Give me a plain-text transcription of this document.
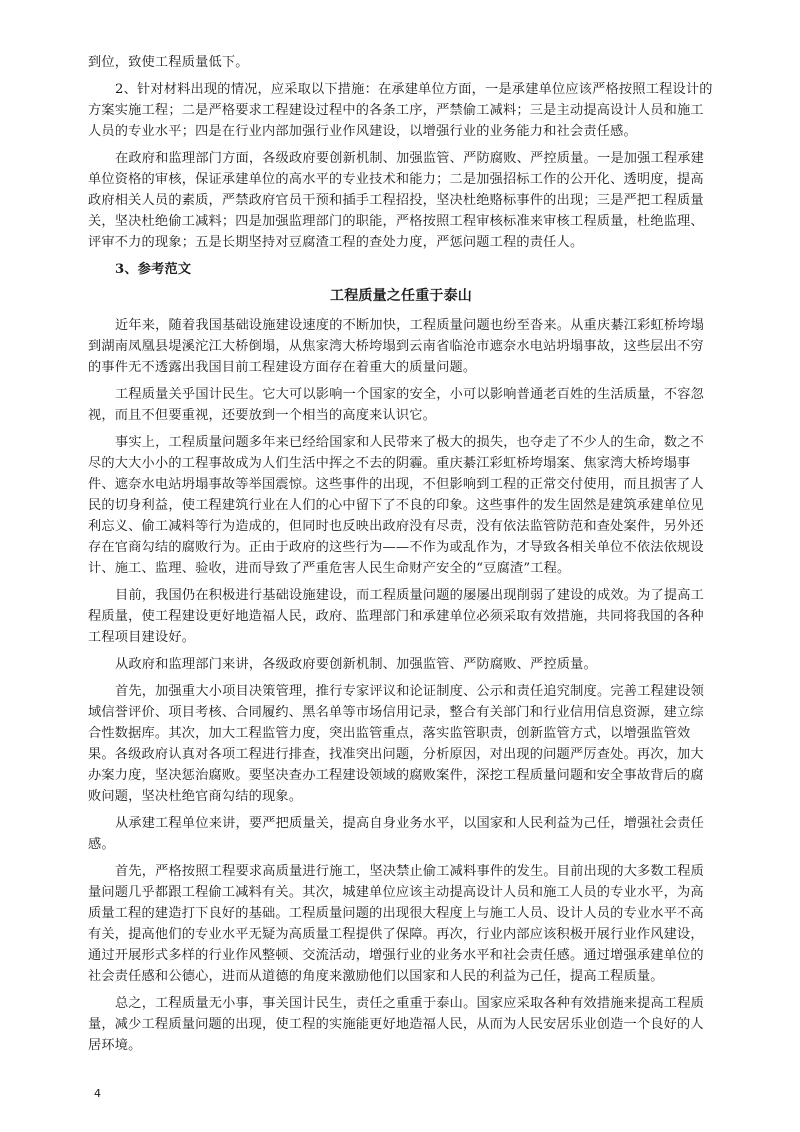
到位，致使工程质量低下。

2、针对材料出现的情况，应采取以下措施：在承建单位方面，一是承建单位应该严格按照工程设计的方案实施工程；二是严格要求工程建设过程中的各条工序，严禁偷工减料；三是主动提高设计人员和施工人员的专业水平；四是在行业内部加强行业作风建设，以增强行业的业务能力和社会责任感。

在政府和监理部门方面，各级政府要创新机制、加强监管、严防腐败、严控质量。一是加强工程承建单位资格的审核，保证承建单位的高水平的专业技术和能力；二是加强招标工作的公开化、透明度，提高政府相关人员的素质，严禁政府官员干预和插手工程招投，坚决杜绝赂标事件的出现；三是严把工程质量关，坚决杜绝偷工减料；四是加强监理部门的职能，严格按照工程审核标准来审核工程质量，杜绝监理、评审不力的现象；五是长期坚持对豆腐渣工程的查处力度，严惩问题工程的责任人。

3、参考范文

工程质量之任重于泰山

近年来，随着我国基础设施建设速度的不断加快，工程质量问题也纷至沓来。从重庆綦江彩虹桥垮塌到湖南凤凰县堤溪沱江大桥倒塌，从焦家湾大桥垮塌到云南省临沧市遮奈水电站坍塌事故，这些层出不穷的事件无不透露出我国目前工程建设方面存在着重大的质量问题。

工程质量关乎国计民生。它大可以影响一个国家的安全，小可以影响普通老百姓的生活质量，不容忽视，而且不但要重视，还要放到一个相当的高度来认识它。

事实上，工程质量问题多年来已经给国家和人民带来了极大的损失，也夺走了不少人的生命，数之不尽的大大小小的工程事故成为人们生活中挥之不去的阴霾。重庆綦江彩虹桥垮塌案、焦家湾大桥垮塌事件、遮奈水电站坍塌事故等举国震惊。这些事件的出现，不但影响到工程的正常交付使用，而且损害了人民的切身利益，使工程建筑行业在人们的心中留下了不良的印象。这些事件的发生固然是建筑承建单位见利忘义、偷工减料等行为造成的，但同时也反映出政府没有尽责，没有依法监管防范和查处案件，另外还存在官商勾结的腐败行为。正由于政府的这些行为——不作为或乱作为，才导致各相关单位不依法依规设计、施工、监理、验收，进而导致了严重危害人民生命财产安全的“豆腐渣”工程。

目前，我国仍在积极进行基础设施建设，而工程质量问题的屡屡出现削弱了建设的成效。为了提高工程质量，使工程建设更好地造福人民，政府、监理部门和承建单位必须采取有效措施，共同将我国的各种工程项目建设好。

从政府和监理部门来讲，各级政府要创新机制、加强监管、严防腐败、严控质量。

首先，加强重大小项目决策管理，推行专家评议和论证制度、公示和责任追究制度。完善工程建设领域信誉评价、项目考核、合同履约、黑名单等市场信用记录，整合有关部门和行业信用信息资源，建立综合性数据库。其次，加大工程监管力度，突出监管重点，落实监管职责，创新监管方式，以增强监管效果。各级政府认真对各项工程进行排查，找准突出问题，分析原因，对出现的问题严厉查处。再次，加大办案力度，坚决惩治腐败。要坚决查办工程建设领域的腐败案件，深挖工程质量问题和安全事故背后的腐败问题，坚决杜绝官商勾结的现象。

从承建工程单位来讲，要严把质量关，提高自身业务水平，以国家和人民利益为己任，增强社会责任感。

首先，严格按照工程要求高质量进行施工，坚决禁止偷工减料事件的发生。目前出现的大多数工程质量问题几乎都跟工程偷工减料有关。其次，城建单位应该主动提高设计人员和施工人员的专业水平，为高质量工程的建造打下良好的基础。工程质量问题的出现很大程度上与施工人员、设计人员的专业水平不高有关，提高他们的专业水平无疑为高质量工程提供了保障。再次，行业内部应该积极开展行业作风建设，通过开展形式多样的行业作风整顿、交流活动，增强行业的业务水平和社会责任感。通过增强承建单位的社会责任感和公德心，进而从道德的角度来激励他们以国家和人民的利益为己任，提高工程质量。

总之，工程质量无小事，事关国计民生，责任之重重于泰山。国家应采取各种有效措施来提高工程质量，减少工程质量问题的出现，使工程的实施能更好地造福人民，从而为人民安居乐业创造一个良好的人居环境。

4
